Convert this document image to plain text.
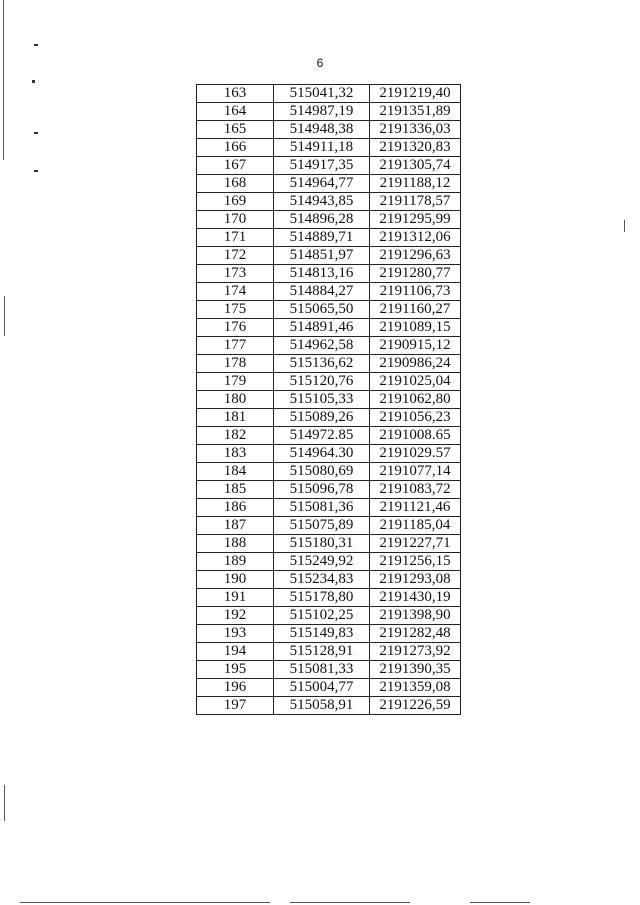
6
163	515041,32	2191219,40
164	514987,19	2191351,89
165	514948,38	2191336,03
166	514911,18	2191320,83
167	514917,35	2191305,74
168	514964,77	2191188,12
169	514943,85	2191178,57
170	514896,28	2191295,99
171	514889,71	2191312,06
172	514851,97	2191296,63
173	514813,16	2191280,77
174	514884,27	2191106,73
175	515065,50	2191160,27
176	514891,46	2191089,15
177	514962,58	2190915,12
178	515136,62	2190986,24
179	515120,76	2191025,04
180	515105,33	2191062,80
181	515089,26	2191056,23
182	514972.85	2191008.65
183	514964.30	2191029.57
184	515080,69	2191077,14
185	515096,78	2191083,72
186	515081,36	2191121,46
187	515075,89	2191185,04
188	515180,31	2191227,71
189	515249,92	2191256,15
190	515234,83	2191293,08
191	515178,80	2191430,19
192	515102,25	2191398,90
193	515149,83	2191282,48
194	515128,91	2191273,92
195	515081,33	2191390,35
196	515004,77	2191359,08
197	515058,91	2191226,59
